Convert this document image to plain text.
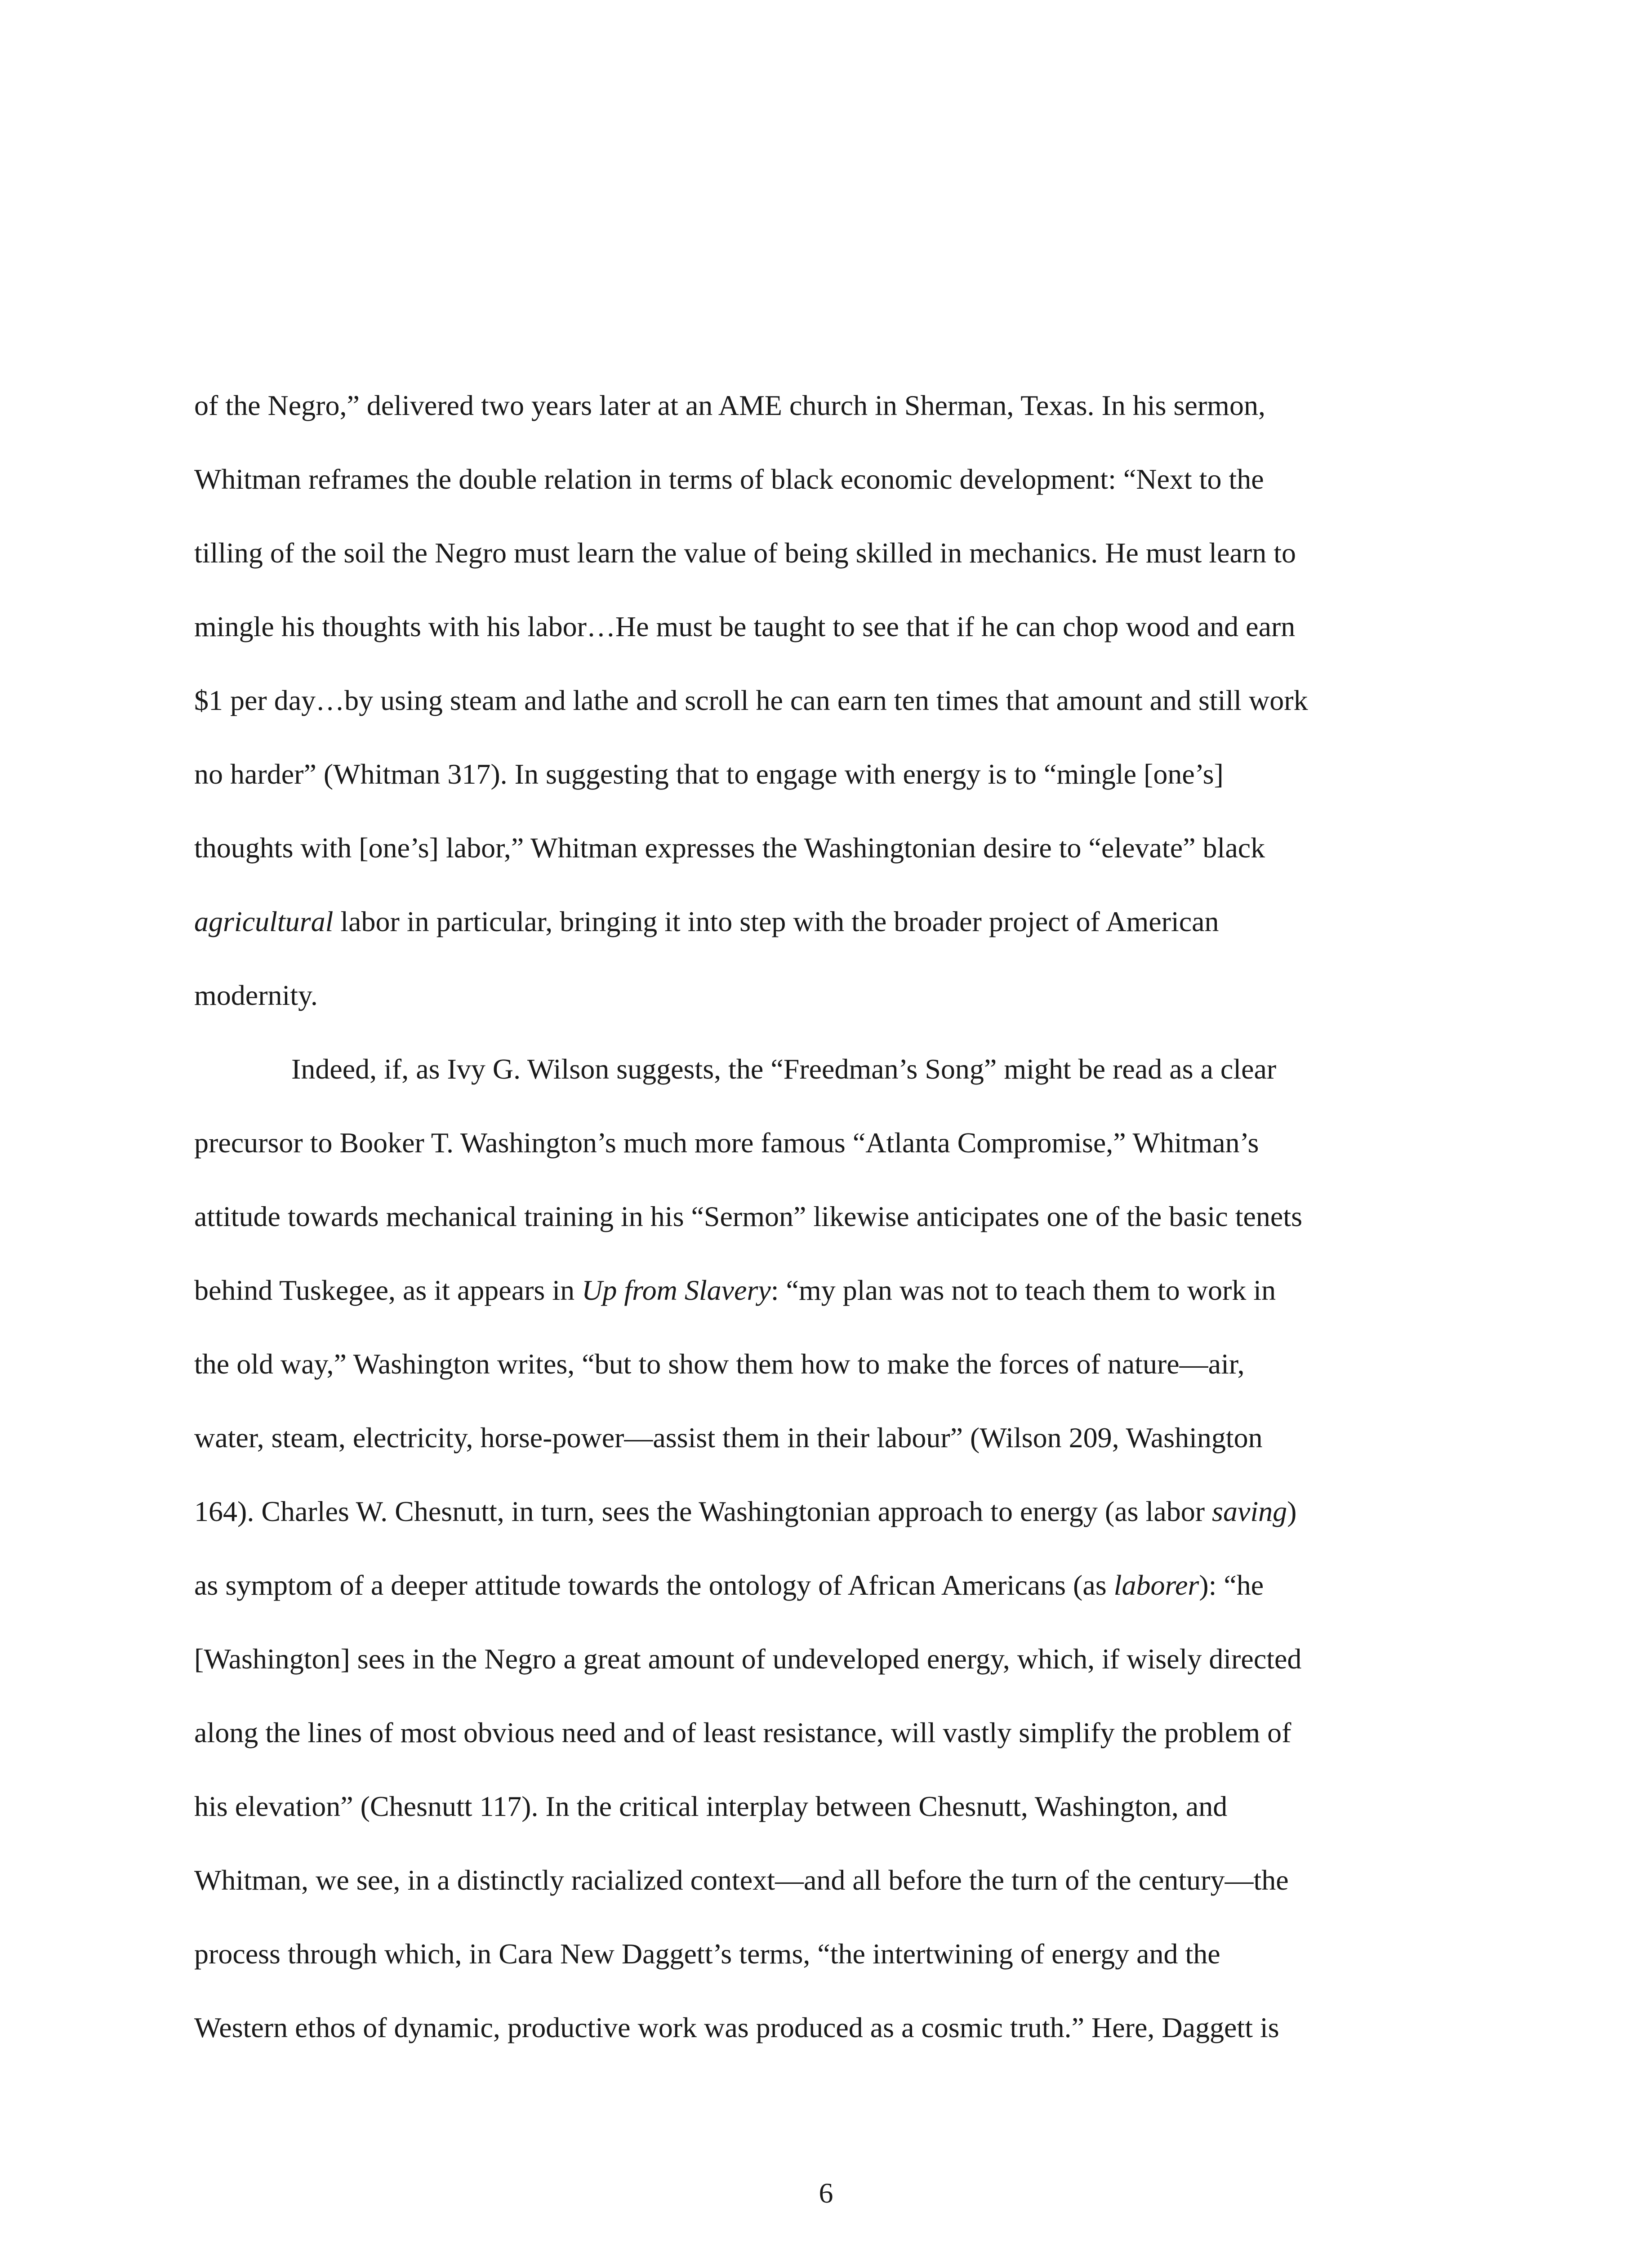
of the Negro,” delivered two years later at an AME church in Sherman, Texas. In his sermon,
Whitman reframes the double relation in terms of black economic development: “Next to the
tilling of the soil the Negro must learn the value of being skilled in mechanics. He must learn to
mingle his thoughts with his labor…He must be taught to see that if he can chop wood and earn
$1 per day…by using steam and lathe and scroll he can earn ten times that amount and still work
no harder” (Whitman 317). In suggesting that to engage with energy is to “mingle [one’s]
thoughts with [one’s] labor,” Whitman expresses the Washingtonian desire to “elevate” black
agricultural labor in particular, bringing it into step with the broader project of American
modernity.
Indeed, if, as Ivy G. Wilson suggests, the “Freedman’s Song” might be read as a clear
precursor to Booker T. Washington’s much more famous “Atlanta Compromise,” Whitman’s
attitude towards mechanical training in his “Sermon” likewise anticipates one of the basic tenets
behind Tuskegee, as it appears in Up from Slavery: “my plan was not to teach them to work in
the old way,” Washington writes, “but to show them how to make the forces of nature—air,
water, steam, electricity, horse-power—assist them in their labour” (Wilson 209, Washington
164). Charles W. Chesnutt, in turn, sees the Washingtonian approach to energy (as labor saving)
as symptom of a deeper attitude towards the ontology of African Americans (as laborer): “he
[Washington] sees in the Negro a great amount of undeveloped energy, which, if wisely directed
along the lines of most obvious need and of least resistance, will vastly simplify the problem of
his elevation” (Chesnutt 117). In the critical interplay between Chesnutt, Washington, and
Whitman, we see, in a distinctly racialized context—and all before the turn of the century—the
process through which, in Cara New Daggett’s terms, “the intertwining of energy and the
Western ethos of dynamic, productive work was produced as a cosmic truth.” Here, Daggett is
6
